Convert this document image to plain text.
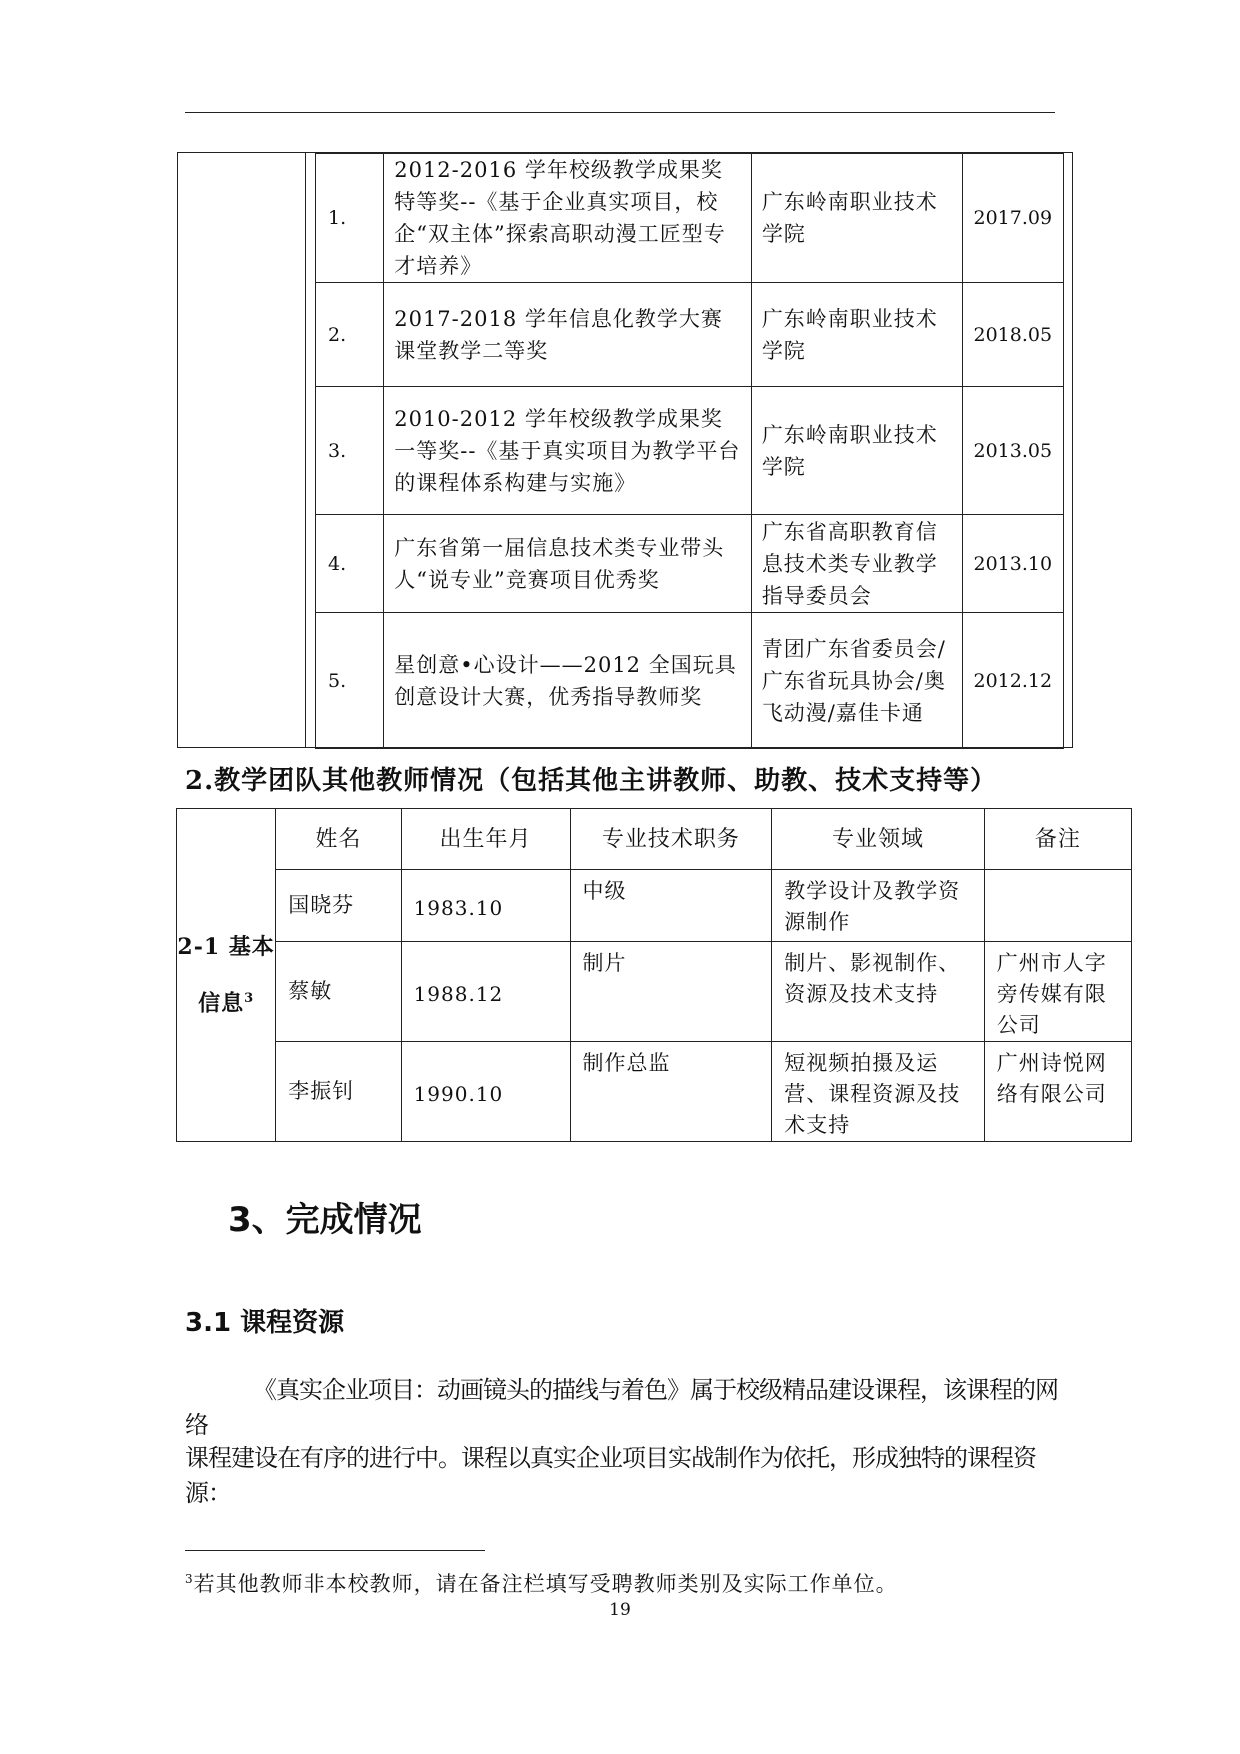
1.	2012-2016 学年校级教学成果奖特等奖--《基于企业真实项目，校企“双主体”探索高职动漫工匠型专才培养》	广东岭南职业技术学院	2017.09
2.	2017-2018 学年信息化教学大赛课堂教学二等奖	广东岭南职业技术学院	2018.05
3.	2010-2012 学年校级教学成果奖一等奖--《基于真实项目为教学平台的课程体系构建与实施》	广东岭南职业技术学院	2013.05
4.	广东省第一届信息技术类专业带头人“说专业”竞赛项目优秀奖	广东省高职教育信息技术类专业教学指导委员会	2013.10
5.	星创意•心设计——2012 全国玩具创意设计大赛，优秀指导教师奖	青团广东省委员会/广东省玩具协会/奥飞动漫/嘉佳卡通	2012.12
2.教学团队其他教师情况（包括其他主讲教师、助教、技术支持等）
2-1 基本信息$^3$	姓名	出生年月	专业技术职务	专业领域	备注
	国晓芬	1983.10	中级	教学设计及教学资源制作	
	蔡敏	1988.12	制片	制片、影视制作、资源及技术支持	广州市人字旁传媒有限公司
	李振钊	1990.10	制作总监	短视频拍摄及运营、课程资源及技术支持	广州诗悦网络有限公司
3、完成情况
3.1 课程资源
《真实企业项目：动画镜头的描线与着色》属于校级精品建设课程，该课程的网络
课程建设在有序的进行中。课程以真实企业项目实战制作为依托，形成独特的课程资源：
$^3$若其他教师非本校教师，请在备注栏填写受聘教师类别及实际工作单位。
19
